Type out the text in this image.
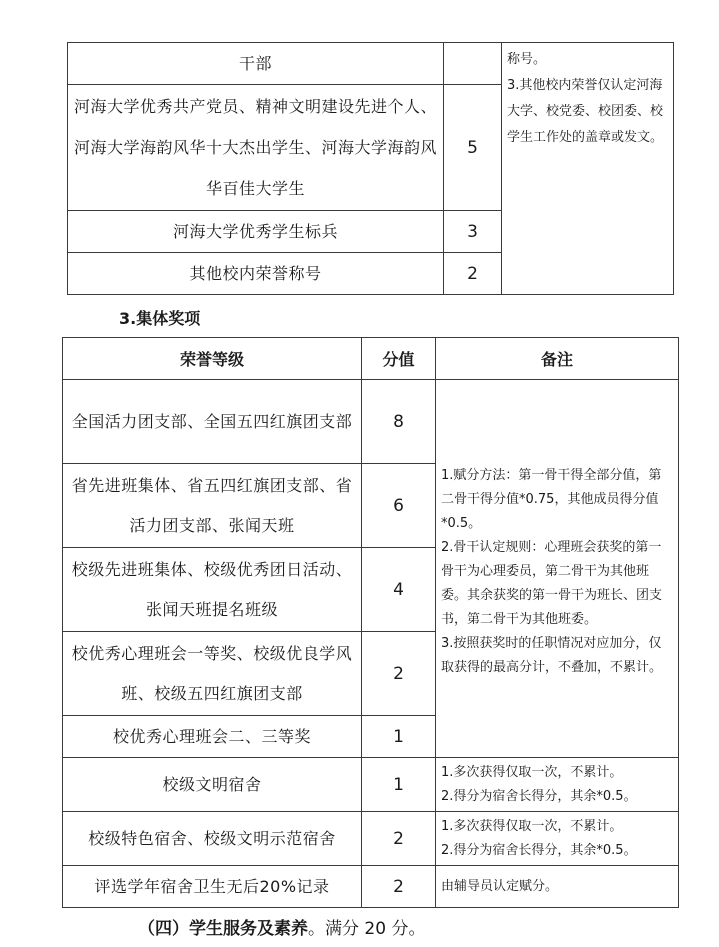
干部		称号。
3.其他校内荣誉仅认定河海大学、校党委、校团委、校学生工作处的盖章或发文。

河海大学优秀共产党员、精神文明建设先进个人、河海大学海韵风华十大杰出学生、河海大学海韵风华百佳大学生	5	
河海大学优秀学生标兵	3	
其他校内荣誉称号	2	
3.集体奖项
荣誉等级	分值	备注
全国活力团支部、全国五四红旗团支部	8	1.赋分方法：第一骨干得全部分值，第二骨干得分值*0.75，其他成员得分值*0.5。
2.骨干认定规则：心理班会获奖的第一骨干为心理委员，第二骨干为其他班委。其余获奖的第一骨干为班长、团支书，第二骨干为其他班委。
3.按照获奖时的任职情况对应加分，仅取获得的最高分计，不叠加，不累计。

省先进班集体、省五四红旗团支部、省活力团支部、张闻天班	6	
校级先进班集体、校级优秀团日活动、张闻天班提名班级	4	
校优秀心理班会一等奖、校级优良学风班、校级五四红旗团支部	2	
校优秀心理班会二、三等奖	1	
校级文明宿舍	1	1.多次获得仅取一次，不累计。
2.得分为宿舍长得分，其余*0.5。

校级特色宿舍、校级文明示范宿舍	2	1.多次获得仅取一次，不累计。
2.得分为宿舍长得分，其余*0.5。

评选学年宿舍卫生无后20%记录	2	由辅导员认定赋分。
（四）学生服务及素养。满分 20 分。
